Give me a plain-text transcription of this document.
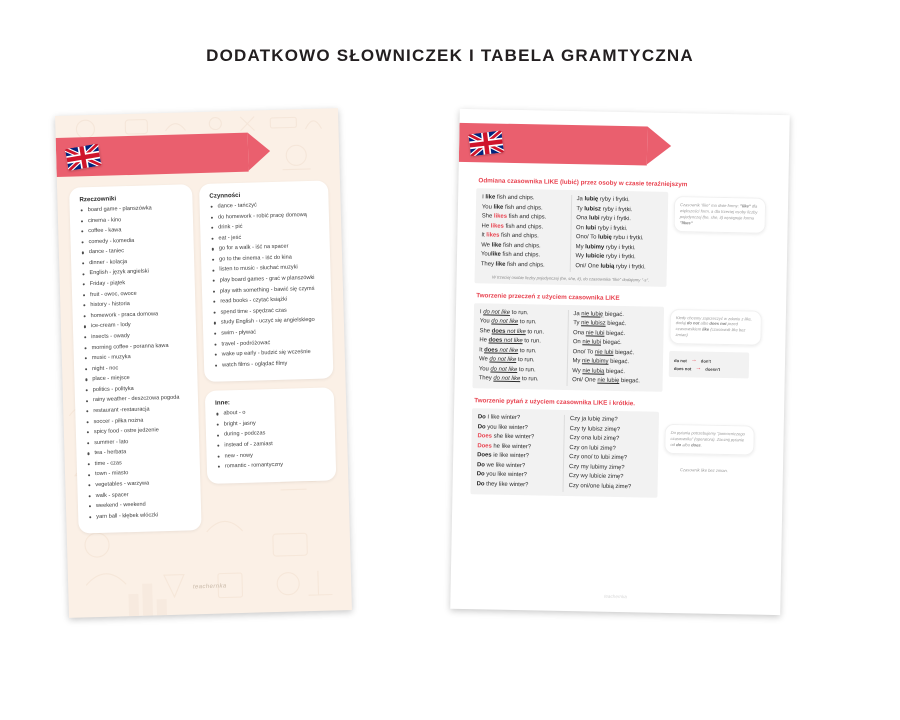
DODATKOWO SŁOWNICZEK I TABELA GRAMTYCZNA
Rzeczowniki
board game - planszówka
cinema - kino
coffee - kawa
comedy - komedia
dance - taniec
dinner - kolacja
English - język angielski
Friday - piątek
fruit - owoc, owoce
history - historia
homework - praca domowa
ice-cream - lody
insects - owady
morning coffee - poranna kawa
music - muzyka
night - noc
place - miejsce
politics - polityka
rainy weather - deszczowa pogoda
restaurant -restauracja
soccer - piłka nożna
spicy food - ostre jedzenie
summer - lato
tea - herbata
time - czas
town - miasto
vegetables - warzywa
walk - spacer
weekend - weekend
yarn ball - kłębek wlóczki
Czynności
dance - tańczyć
do homework - robić pracę domową
drink - pić
eat - jeść
go for a walk - iść na spacer
go to the cinema - iść do kina
listen to music - słuchać muzyki
play board games - grać w planszówki
play with something - bawić się czymś
read books - czytać książki
spend time - spędzać czas
study English - uczyć się angielskiego
swim - pływać
travel - podróżować
wake up early - budzić się wcześnie
watch films - oglądać filmy
Inne:
about - o
bright - jasny
during - podczas
instead of - zamiast
new - nowy
romantic - romantyczny
teachernka
Odmiana czasownika LIKE (lubić) przez osoby w czasie teraźniejszym
I like fish and chips.	Ja lubię ryby i frytki.
You like fish and chips.	Ty lubisz ryby i frytki.
She likes fish and chips.	Ona lubi ryby i frytki.
He likes fish and chips.	On lubi ryby i frytki.
It likes fish and chips.	Ono/ To lubię rybu i frytki.
We like fish and chips.	My lubimy ryby i frytki.
Youlike fish and chips.	Wy lubicie ryby i frytki.
They like fish and chips.	Oni/ One lubią ryby i frytki.
W trzeciej osobie liczby pojedynczej (he, she, it), do czasownika "like" dodajemy "-s".
Czasownik "like" ma dwie formy: "like" dla większości form, a dla trzeciej osoby liczby pojedynczej (he, she, it) występuje forma "likes"
Tworzenie przeczeń z użyciem czasownika LIKE
I do not like to run.	Ja nie lubię biegać.
You do not like to run.	Ty nie lubisz biegać.
She does not like to run.	Ona nie lubi biegać.
He does not like to run.	On nie lubi biegać.
It does not like to run.	Ono/ To nie lubi biegać.
We do not like to run.	My nie lubimy biegać.
You do not like to run.	Wy nie lubią biegać.
They do not like to run.	Oni/ One nie lubię biegać.
Kiedy chcemy zaprzeczyć w zdaniu z like, dodaj do not albo does not przed czasownikiem like (czasownik like bez zmian)
do not → don't
does not → doesn't
Tworzenie pytań z użyciem czasownika LIKE i krótkie.
Do I like winter?	Czy ja lubię zimę?
Do you like winter?	Czy ty lubisz zimę?
Does she like winter?	Czy ona lubi zimę?
Does he like winter?	Czy on lubi zimę?
Does ie like winter?	Czy ono/ to lubi zimę?
Do we like winter?	Czy my lubimy zimę?
Do you like winter?	Czy wy lubicie zimę?
Do they like winter?	Czy oni/one lubią zime?
Do pytania potrzebujemy "pomocniczego czasownika" (operatora). Zacznij pytanie od do albo does.
Czasownik like bez zmian.
teachernka
